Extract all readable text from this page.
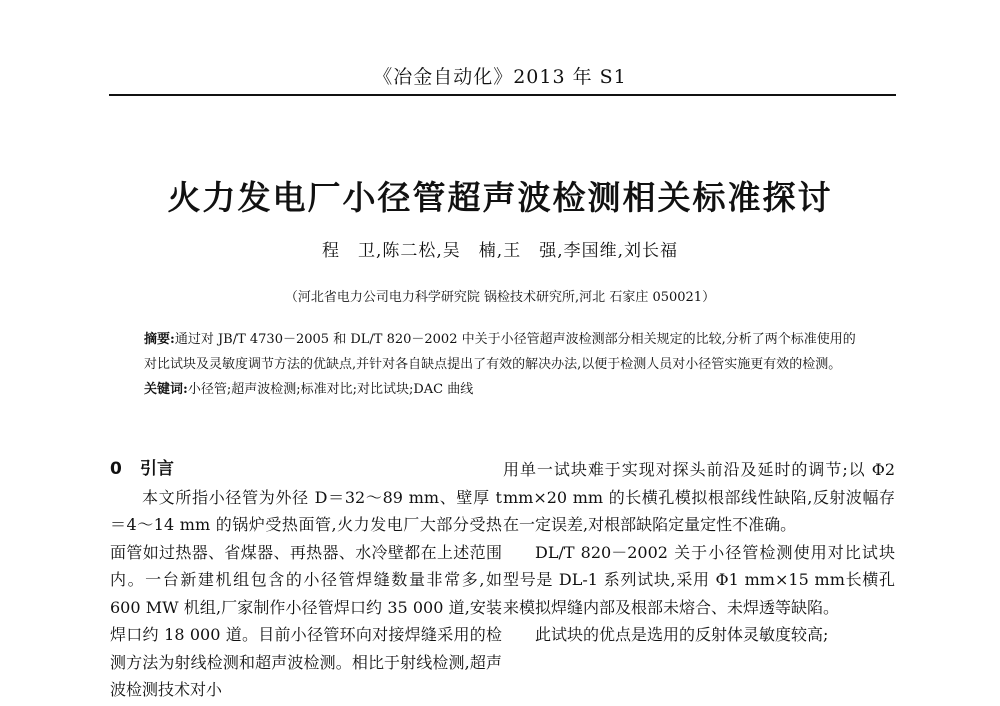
《冶金自动化》2013 年 S1
火力发电厂小径管超声波检测相关标准探讨
程　卫,陈二松,吴　楠,王　强,李国维,刘长福
（河北省电力公司电力科学研究院 锅检技术研究所,河北 石家庄 050021）
摘要:通过对 JB/T 4730－2005 和 DL/T 820－2002 中关于小径管超声波检测部分相关规定的比较,分析了两个标准使用的对比试块及灵敏度调节方法的优缺点,并针对各自缺点提出了有效的解决办法,以便于检测人员对小径管实施更有效的检测。
关键词:小径管;超声波检测;标准对比;对比试块;DAC 曲线
0 引言

本文所指小径管为外径 D＝32～89 mm、壁厚 t＝4～14 mm 的锅炉受热面管,火力发电厂大部分受热面管如过热器、省煤器、再热器、水冷壁都在上述范围内。一台新建机组包含的小径管焊缝数量非常多,如 600 MW 机组,厂家制作小径管焊口约 35 000 道,安装焊口约 18 000 道。目前小径管环向对接焊缝采用的检测方法为射线检测和超声波检测。相比于射线检测,超声波检测技术对小

用单一试块难于实现对探头前沿及延时的调节;以 Φ2 mm×20 mm 的长横孔模拟根部线性缺陷,反射波幅存在一定误差,对根部缺陷定量定性不准确。

DL/T 820－2002 关于小径管检测使用对比试块型号是 DL-1 系列试块,采用 Φ1 mm×15 mm长横孔来模拟焊缝内部及根部未熔合、未焊透等缺陷。

此试块的优点是选用的反射体灵敏度较高;
